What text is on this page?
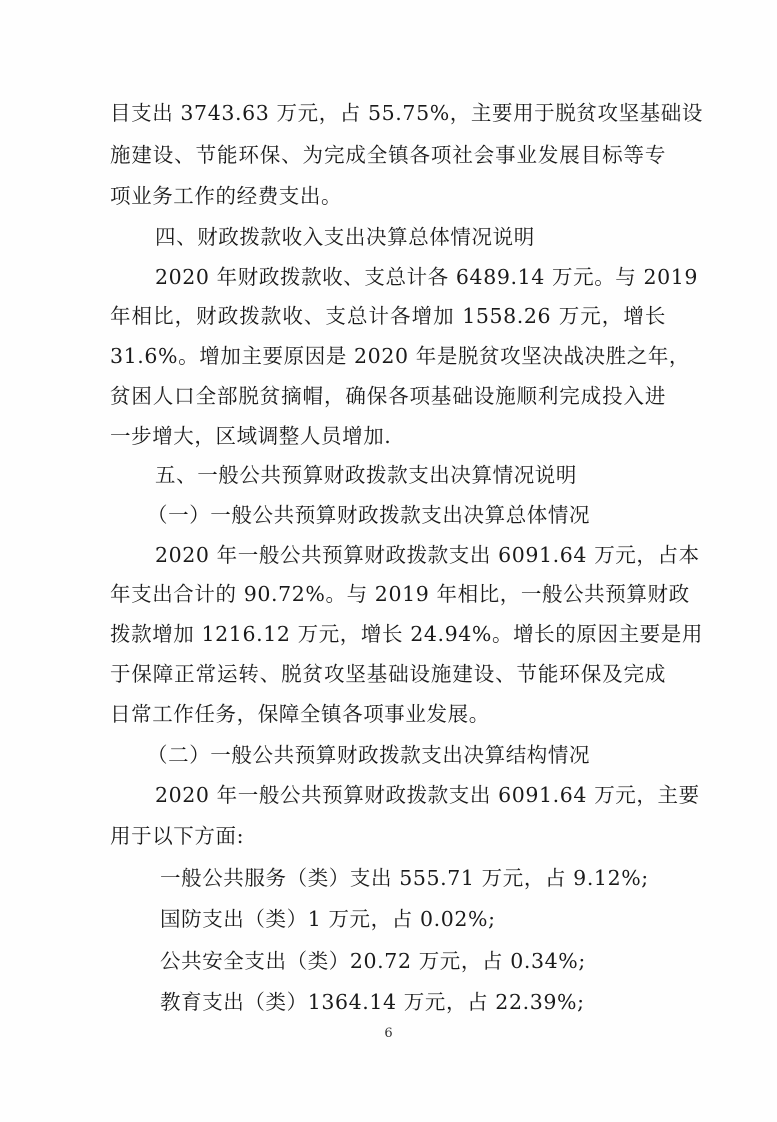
目支出 3743.63 万元，占 55.75%，主要用于脱贫攻坚基础设
施建设、节能环保、为完成全镇各项社会事业发展目标等专
项业务工作的经费支出。
四、财政拨款收入支出决算总体情况说明
2020 年财政拨款收、支总计各 6489.14 万元。与 2019
年相比，财政拨款收、支总计各增加 1558.26 万元，增长
31.6%。增加主要原因是 2020 年是脱贫攻坚决战决胜之年，
贫困人口全部脱贫摘帽，确保各项基础设施顺利完成投入进
一步增大，区域调整人员增加.
五、一般公共预算财政拨款支出决算情况说明
（一）一般公共预算财政拨款支出决算总体情况
2020 年一般公共预算财政拨款支出 6091.64 万元，占本
年支出合计的 90.72%。与 2019 年相比，一般公共预算财政
拨款增加 1216.12 万元，增长 24.94%。增长的原因主要是用
于保障正常运转、脱贫攻坚基础设施建设、节能环保及完成
日常工作任务，保障全镇各项事业发展。
（二）一般公共预算财政拨款支出决算结构情况
2020 年一般公共预算财政拨款支出 6091.64 万元，主要
用于以下方面:
一般公共服务（类）支出 555.71 万元，占 9.12%;
国防支出（类）1 万元，占 0.02%;
公共安全支出（类）20.72 万元，占 0.34%;
教育支出（类）1364.14 万元，占 22.39%;
6
